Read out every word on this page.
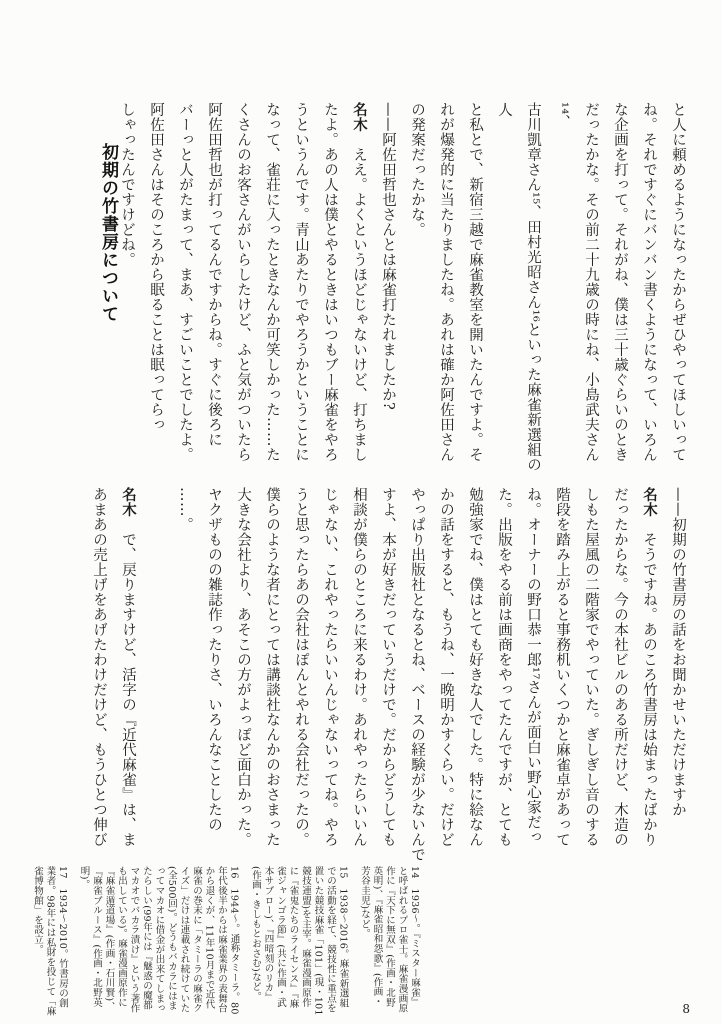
と人に頼めるようになったからぜひやってほしいって

ね。それですぐにバンバン書くようになって、いろん

な企画を打って。それがね、僕は三十歳ぐらいのとき

だったかな。その前二十九歳の時にね、小島武夫さん¹⁴、

古川凱章さん¹⁵、田村光昭さん¹⁶といった麻雀新選組の人

と私とで、新宿三越で麻雀教室を開いたんですよ。そ

れが爆発的に当たりましたね。あれは確か阿佐田さん

の発案だったかな。

——阿佐田哲也さんとは麻雀打たれましたか?

名木　ええ。よくというほどじゃないけど、打ちまし

たよ。あの人は僕とやるときはいつもブー麻雀をやろ

うというんです。青山あたりでやろうかということに

なって、雀荘に入ったときなんか可笑しかった……た

くさんのお客さんがいらしたけど、ふと気がついたら

阿佐田哲也が打ってるんですからね。すぐに後ろに

バーっと人がたまって、まあ、すごいことでしたよ。

阿佐田さんはそのころから眠ることは眠ってらっ

しゃったんですけどね。

初期の竹書房について

——初期の竹書房の話をお聞かせいただけますか

名木　そうですね。あのころ竹書房は始まったばかり

だったからな。今の本社ビルのある所だけど、木造の

しもた屋風の二階家でやっていた。ぎしぎし音のする

階段を踏み上がると事務机いくつかと麻雀卓があって

ね。オーナーの野口恭一郎¹⁷さんが面白い野心家だっ

た。出版をやる前は画商をやってたんですが、とても

勉強家でね、僕はとても好きな人でした。特に絵なん

かの話をすると、もうね、一晩明かすくらい。だけど

やっぱり出版社となるとね、ベースの経験が少ないんで

すよ、本が好きだっていうだけで。だからどうしても

相談が僕らのところに来るわけ。あれやったらいいん

じゃない、これやったらいいんじゃないってね。やろ

うと思ったらあの会社はぽんとやれる会社だったの。

僕らのような者にとっては講談社なんかのおさまった

大きな会社より、あそこの方がよっぽど面白かった。

ヤクザものの雑誌作ったりさ、いろんなことしたの

……。

名木　で、戻りますけど、活字の『近代麻雀』は、ま

あまあの売上げをあげたわけだけど、もうひとつ伸び

14　1936〜。『ミスター麻雀』と呼ばれるプロ雀士。麻雀漫画原作に『天下に無双』(作画・北野英明)、『麻雀昭和怨歌』(作画・芳谷圭児)など。
15　1938〜2016。麻雀新選組での活動を経て、競技性に重点を置いた競技麻雀「101」(現・101競技連盟)を主宰。麻雀漫画原作に『雀鬼たちのライセンス』『麻雀ジャンゴラ節』(共に作画・武本サブロー)、『四暗刻のリカ』(作画・きしもとおさむ)など。
16　1944〜。通称タミーラ。80年代後半からは麻雀業界の表舞台から退くが、11年10月まで近代麻雀の巻末に「タミーラの麻雀クイズ」だけは連載され続けていた(全500回)。どうもバカラにはまってマカオに借金が出来てしまったらしい(99年には『魅惑の魔都マカオでバカラ漬け』という著作も出している)。麻雀漫画原作に『麻雀遁道場』(作画・石川賢)、『麻雀ブルース』(作画・北野英明)。
17　1934〜2010。竹書房の創業者。98年には私財を投じて「麻雀博物館」を設立。
8
